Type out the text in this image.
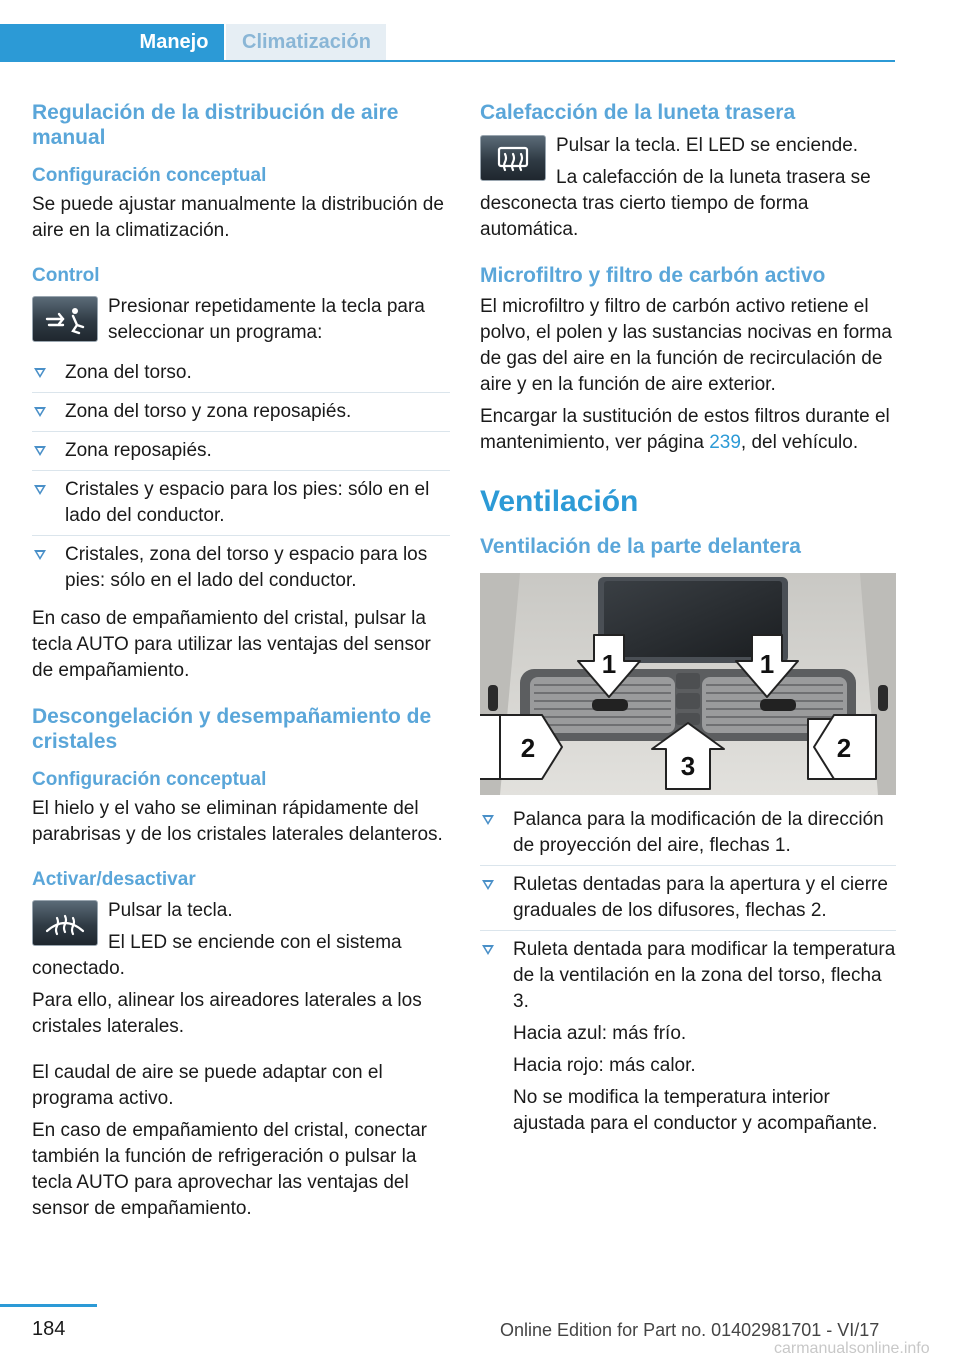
Manejo	Climatización
Regulación de la distribución de aire manual
Configuración conceptual
Se puede ajustar manualmente la distribución de aire en la climatización.
Control
Presionar repetidamente la tecla para seleccionar un programa:
Zona del torso.
Zona del torso y zona reposapiés.
Zona reposapiés.
Cristales y espacio para los pies: sólo en el lado del conductor.
Cristales, zona del torso y espacio para los pies: sólo en el lado del conductor.
En caso de empañamiento del cristal, pulsar la tecla AUTO para utilizar las ventajas del sensor de empañamiento.
Descongelación y desempañamiento de cristales
Configuración conceptual
El hielo y el vaho se eliminan rápidamente del parabrisas y de los cristales laterales delanteros.
Activar/desactivar
Pulsar la tecla.
El LED se enciende con el sistema conectado.
Para ello, alinear los aireadores laterales a los cristales laterales.
El caudal de aire se puede adaptar con el programa activo.
En caso de empañamiento del cristal, conectar también la función de refrigeración o pulsar la tecla AUTO para aprovechar las ventajas del sensor de empañamiento.
Calefacción de la luneta trasera
Pulsar la tecla. El LED se enciende.
La calefacción de la luneta trasera se desconecta tras cierto tiempo de forma automática.
Microfiltro y filtro de carbón activo
El microfiltro y filtro de carbón activo retiene el polvo, el polen y las sustancias nocivas en forma de gas del aire en la función de recirculación de aire y en la función de aire exterior.
Encargar la sustitución de estos filtros durante el mantenimiento, ver página 239, del vehículo.
Ventilación
Ventilación de la parte delantera
1	1
2
3
2
Palanca para la modificación de la dirección de proyección del aire, flechas 1.
Ruletas dentadas para la apertura y el cierre graduales de los difusores, flechas 2.
Ruleta dentada para modificar la temperatura de la ventilación en la zona del torso, flecha 3.
Hacia azul: más frío.
Hacia rojo: más calor.
No se modifica la temperatura interior ajustada para el conductor y acompañante.
184	Online Edition for Part no. 01402981701 - VI/17
carmanualsonline.info
